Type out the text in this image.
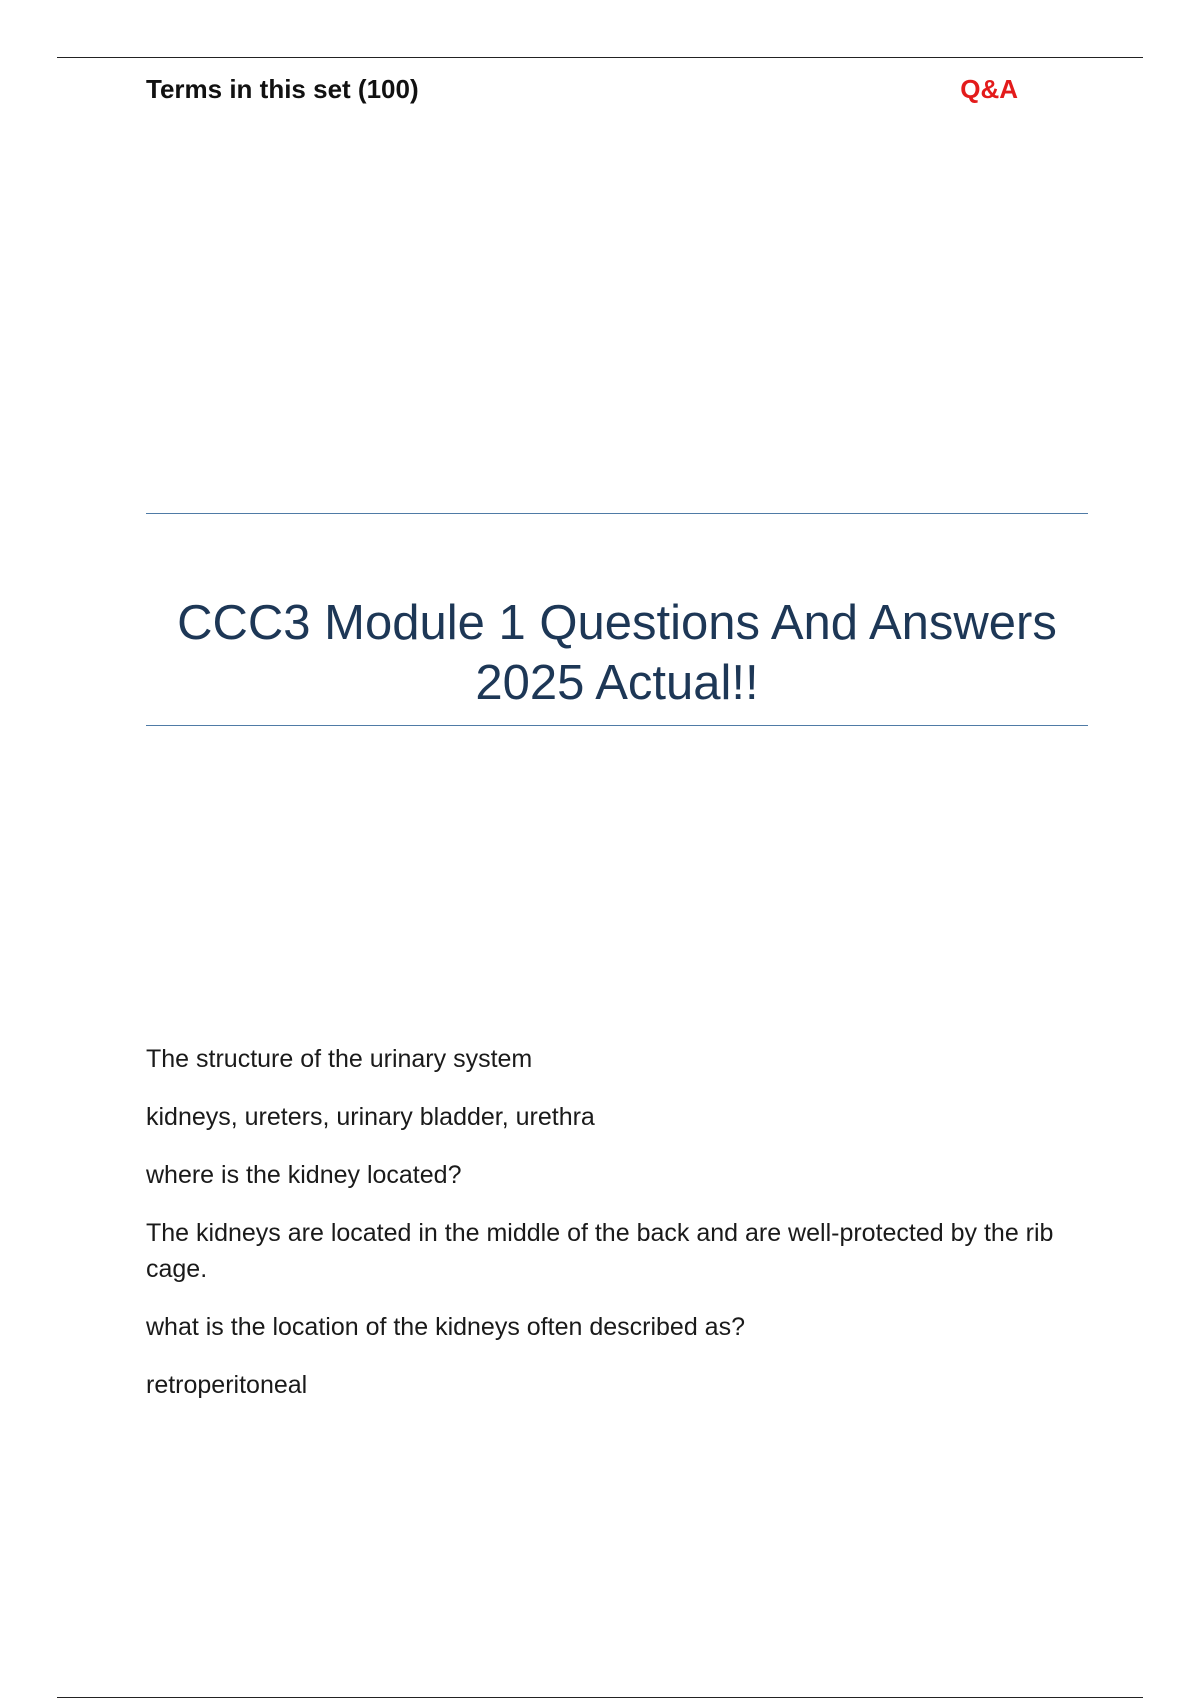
Terms in this set (100)	Q&A
CCC3 Module 1 Questions And Answers 2025 Actual!!
The structure of the urinary system
kidneys, ureters, urinary bladder, urethra
where is the kidney located?
The kidneys are located in the middle of the back and are well-protected by the rib cage.
what is the location of the kidneys often described as?
retroperitoneal
